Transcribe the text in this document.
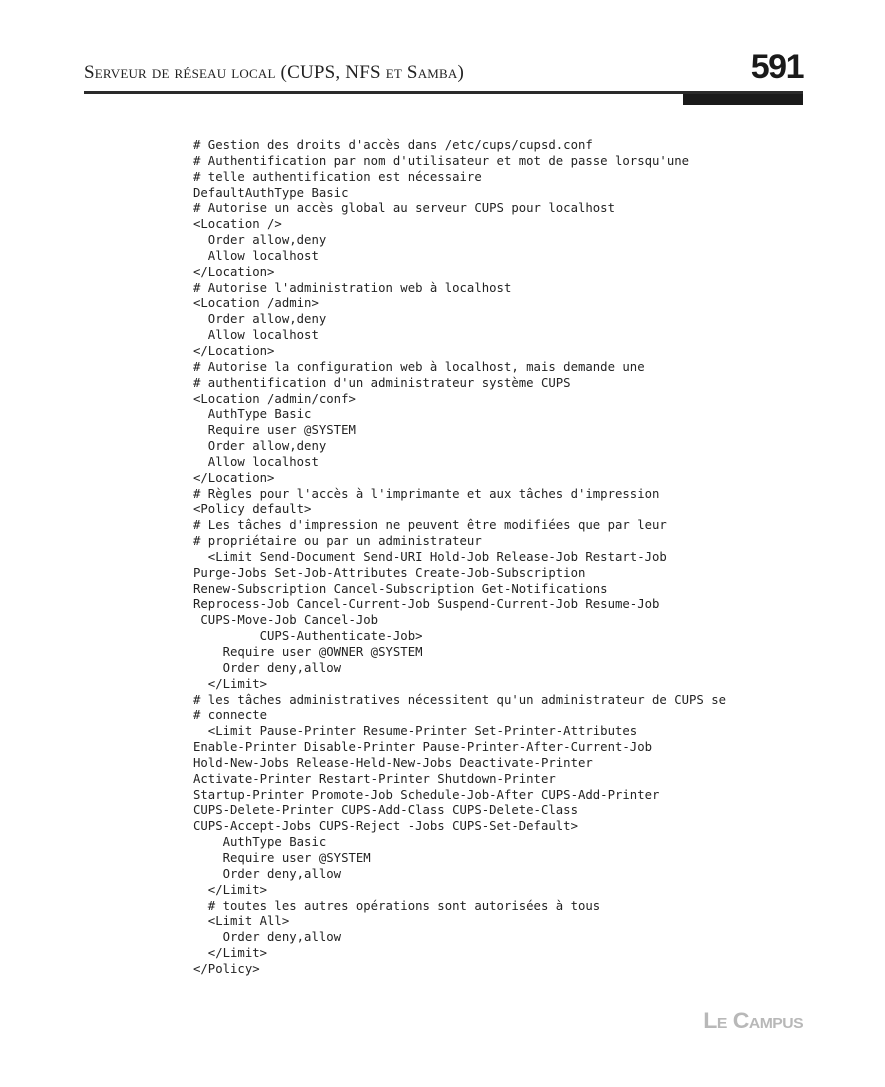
Serveur de réseau local (CUPS, NFS et Samba)	591
# Gestion des droits d'accès dans /etc/cups/cupsd.conf
# Authentification par nom d'utilisateur et mot de passe lorsqu'une
# telle authentification est nécessaire
DefaultAuthType Basic
# Autorise un accès global au serveur CUPS pour localhost
<Location />
Order allow,deny
Allow localhost
</Location>
# Autorise l'administration web à localhost
<Location /admin>
Order allow,deny
Allow localhost
</Location>
# Autorise la configuration web à localhost, mais demande une
# authentification d'un administrateur système CUPS
<Location /admin/conf>
AuthType Basic
Require user @SYSTEM
Order allow,deny
Allow localhost
</Location>
# Règles pour l'accès à l'imprimante et aux tâches d'impression
<Policy default>
# Les tâches d'impression ne peuvent être modifiées que par leur
# propriétaire ou par un administrateur
<Limit Send-Document Send-URI Hold-Job Release-Job Restart-Job
Purge-Jobs Set-Job-Attributes Create-Job-Subscription
Renew-Subscription Cancel-Subscription Get-Notifications
Reprocess-Job Cancel-Current-Job Suspend-Current-Job Resume-Job
CUPS-Move-Job Cancel-Job
CUPS-Authenticate-Job>
Require user @OWNER @SYSTEM
Order deny,allow
</Limit>
# les tâches administratives nécessitent qu'un administrateur de CUPS se
# connecte
<Limit Pause-Printer Resume-Printer Set-Printer-Attributes
Enable-Printer Disable-Printer Pause-Printer-After-Current-Job
Hold-New-Jobs Release-Held-New-Jobs Deactivate-Printer
Activate-Printer Restart-Printer Shutdown-Printer
Startup-Printer Promote-Job Schedule-Job-After CUPS-Add-Printer
CUPS-Delete-Printer CUPS-Add-Class CUPS-Delete-Class
CUPS-Accept-Jobs CUPS-Reject -Jobs CUPS-Set-Default>
AuthType Basic
Require user @SYSTEM
Order deny,allow
</Limit>
# toutes les autres opérations sont autorisées à tous
<Limit All>
Order deny,allow
</Limit>
</Policy>
Le Campus
